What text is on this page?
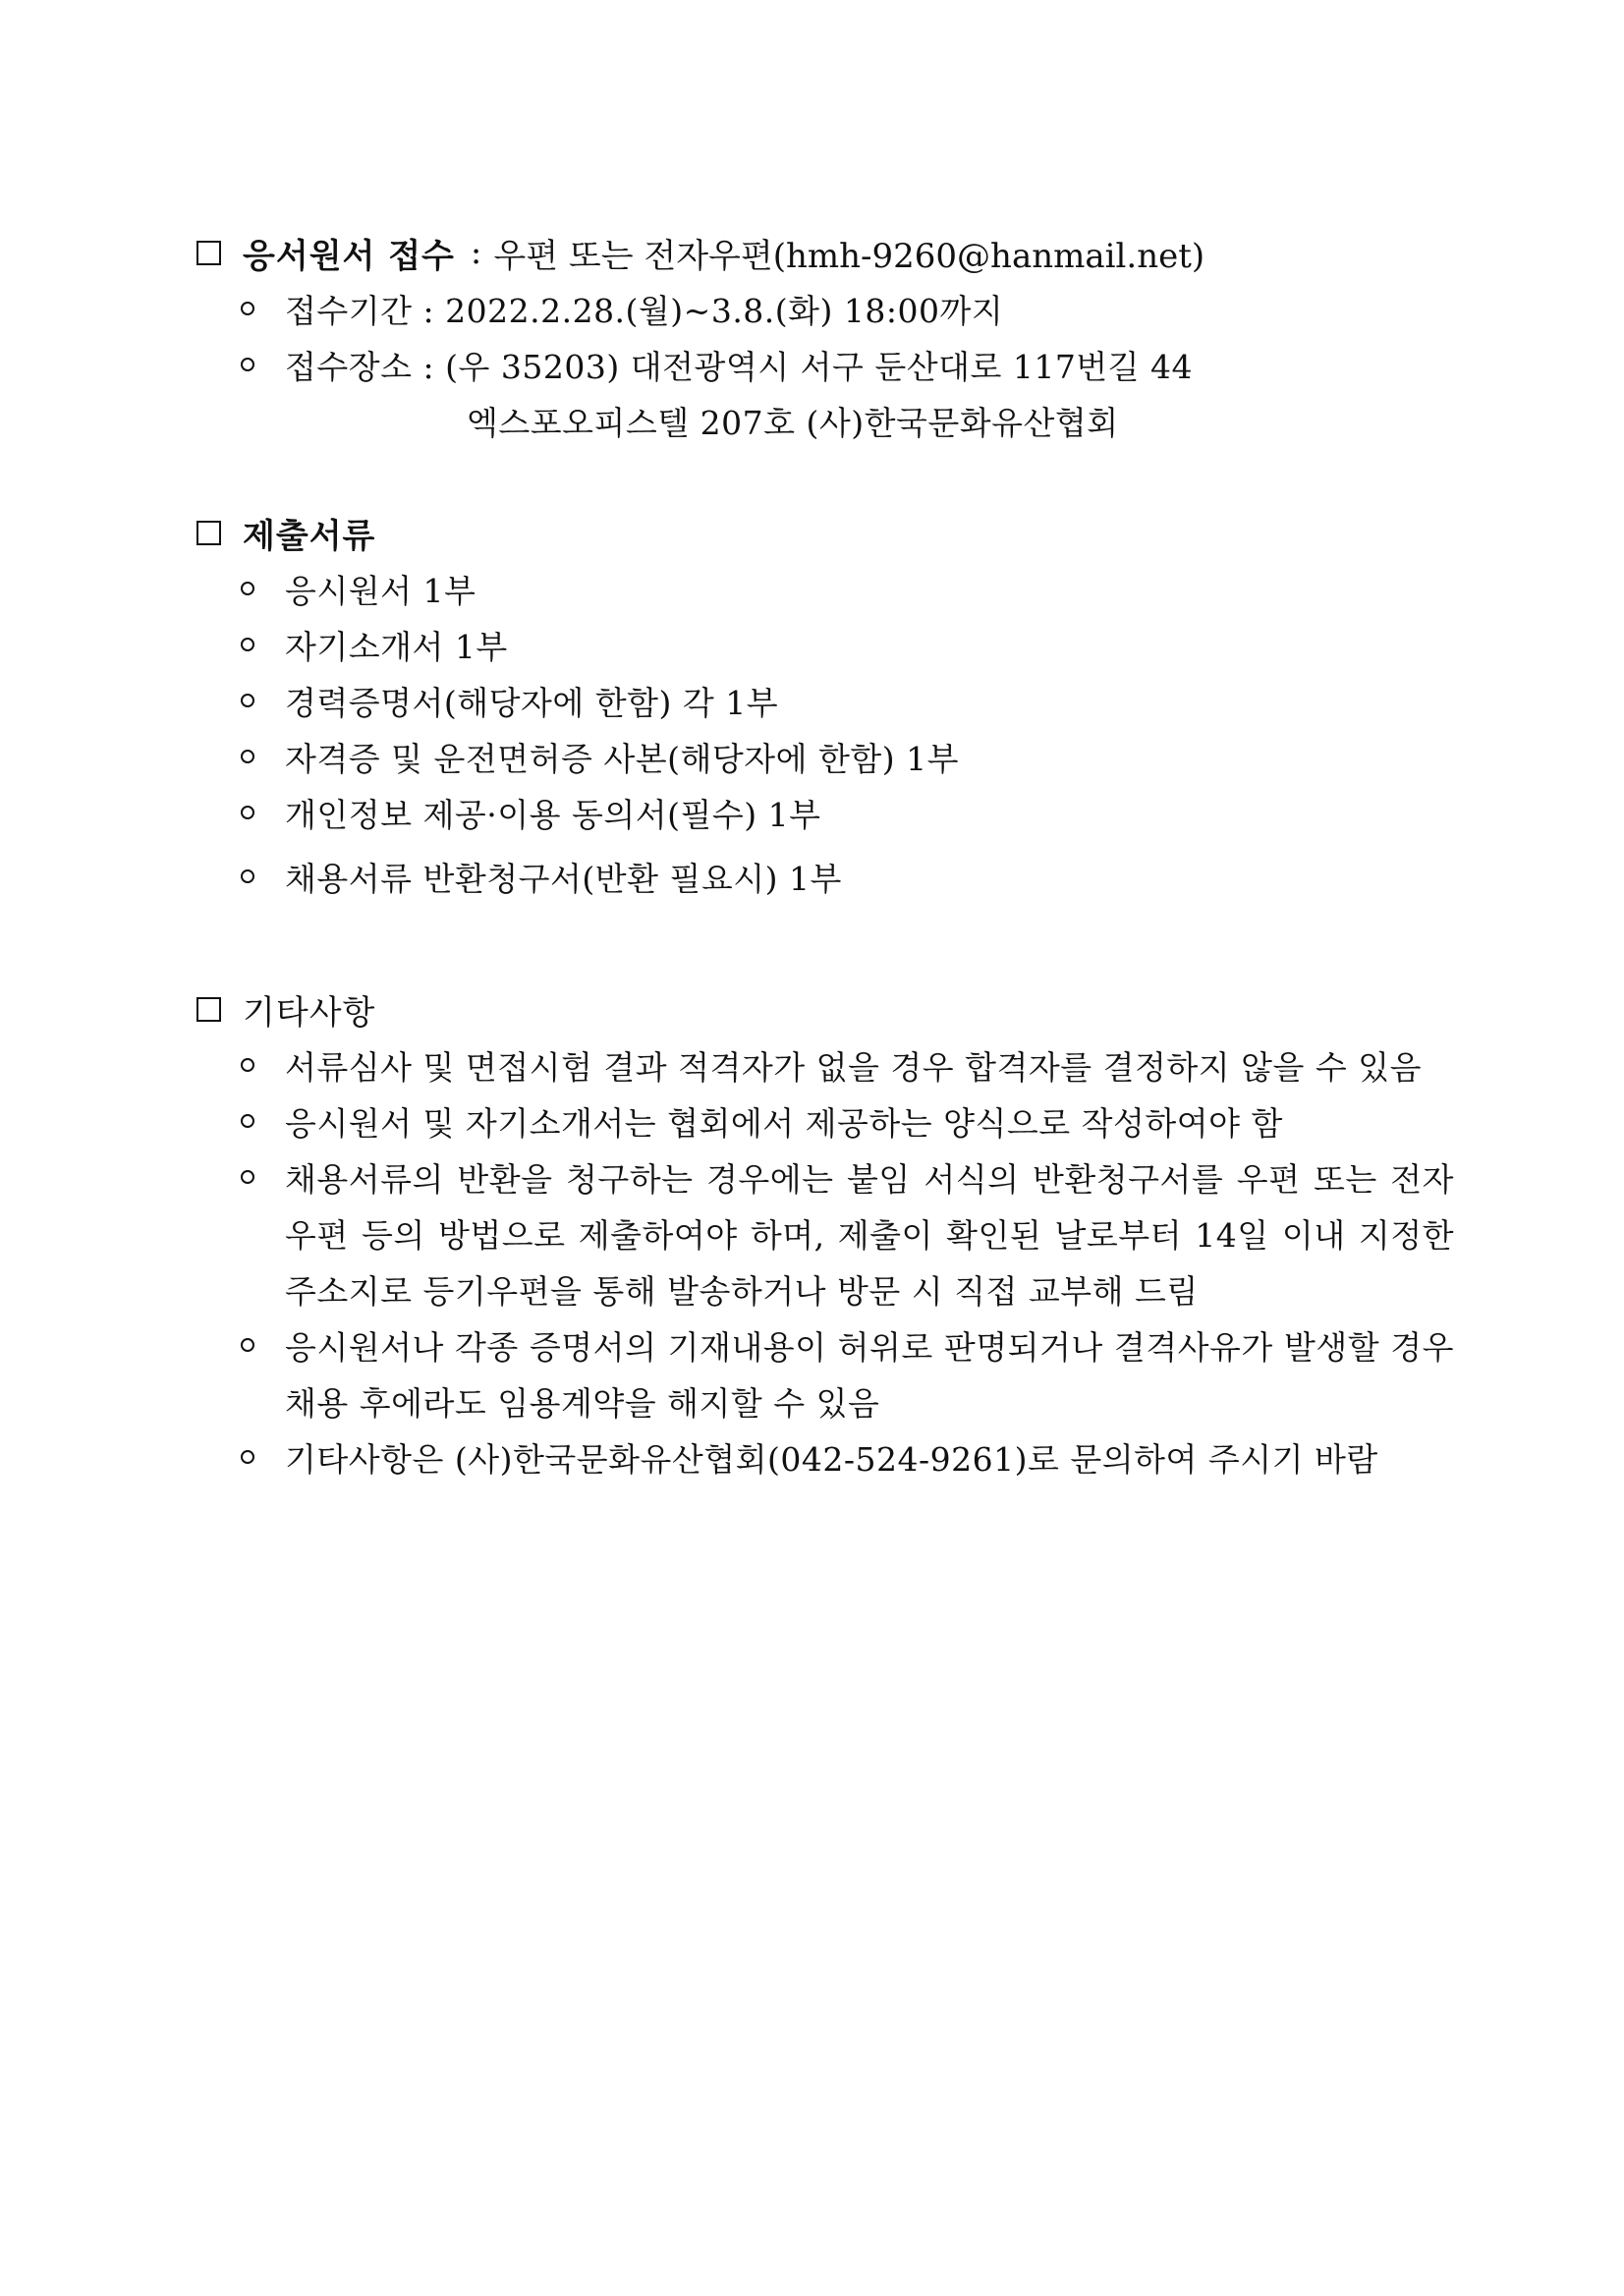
응서원서 접수 : 우편 또는 전자우편(hmh-9260@hanmail.net)
접수기간 : 2022.2.28.(월)~3.8.(화) 18:00까지
접수장소 : (우 35203) 대전광역시 서구 둔산대로 117번길 44
엑스포오피스텔 207호 (사)한국문화유산협회
제출서류
응시원서 1부
자기소개서 1부
경력증명서(해당자에 한함) 각 1부
자격증 및 운전면허증 사본(해당자에 한함) 1부
개인정보 제공·이용 동의서(필수) 1부
채용서류 반환청구서(반환 필요시) 1부
기타사항
서류심사 및 면접시험 결과 적격자가 없을 경우 합격자를 결정하지 않을 수 있음
응시원서 및 자기소개서는 협회에서 제공하는 양식으로 작성하여야 함
채용서류의 반환을 청구하는 경우에는 붙임 서식의 반환청구서를 우편 또는 전자우편 등의 방법으로 제출하여야 하며, 제출이 확인된 날로부터 14일 이내 지정한 주소지로 등기우편을 통해 발송하거나 방문 시 직접 교부해 드림
응시원서나 각종 증명서의 기재내용이 허위로 판명되거나 결격사유가 발생할 경우 채용 후에라도 임용계약을 해지할 수 있음
기타사항은 (사)한국문화유산협회(042-524-9261)로 문의하여 주시기 바람
